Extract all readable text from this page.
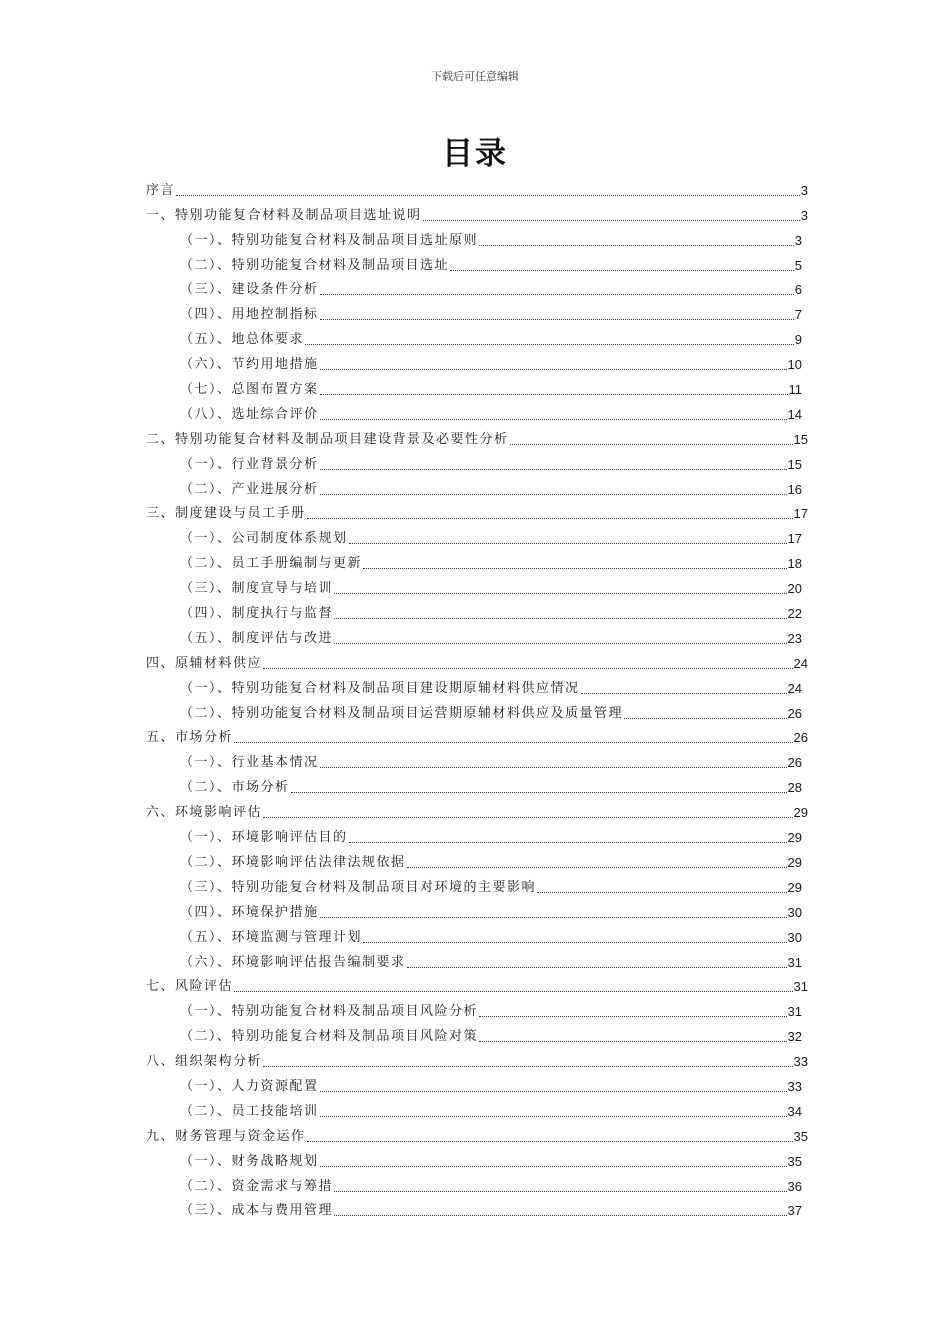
下载后可任意编辑
目录
序言	3
一、特别功能复合材料及制品项目选址说明	3
（一）、特别功能复合材料及制品项目选址原则	3
（二）、特别功能复合材料及制品项目选址	5
（三）、建设条件分析	6
（四）、用地控制指标	7
（五）、地总体要求	9
（六）、节约用地措施	10
（七）、总图布置方案	11
（八）、选址综合评价	14
二、特别功能复合材料及制品项目建设背景及必要性分析	15
（一）、行业背景分析	15
（二）、产业进展分析	16
三、制度建设与员工手册	17
（一）、公司制度体系规划	17
（二）、员工手册编制与更新	18
（三）、制度宣导与培训	20
（四）、制度执行与监督	22
（五）、制度评估与改进	23
四、原辅材料供应	24
（一）、特别功能复合材料及制品项目建设期原辅材料供应情况	24
（二）、特别功能复合材料及制品项目运营期原辅材料供应及质量管理	26
五、市场分析	26
（一）、行业基本情况	26
（二）、市场分析	28
六、环境影响评估	29
（一）、环境影响评估目的	29
（二）、环境影响评估法律法规依据	29
（三）、特别功能复合材料及制品项目对环境的主要影响	29
（四）、环境保护措施	30
（五）、环境监测与管理计划	30
（六）、环境影响评估报告编制要求	31
七、风险评估	31
（一）、特别功能复合材料及制品项目风险分析	31
（二）、特别功能复合材料及制品项目风险对策	32
八、组织架构分析	33
（一）、人力资源配置	33
（二）、员工技能培训	34
九、财务管理与资金运作	35
（一）、财务战略规划	35
（二）、资金需求与筹措	36
（三）、成本与费用管理	37
